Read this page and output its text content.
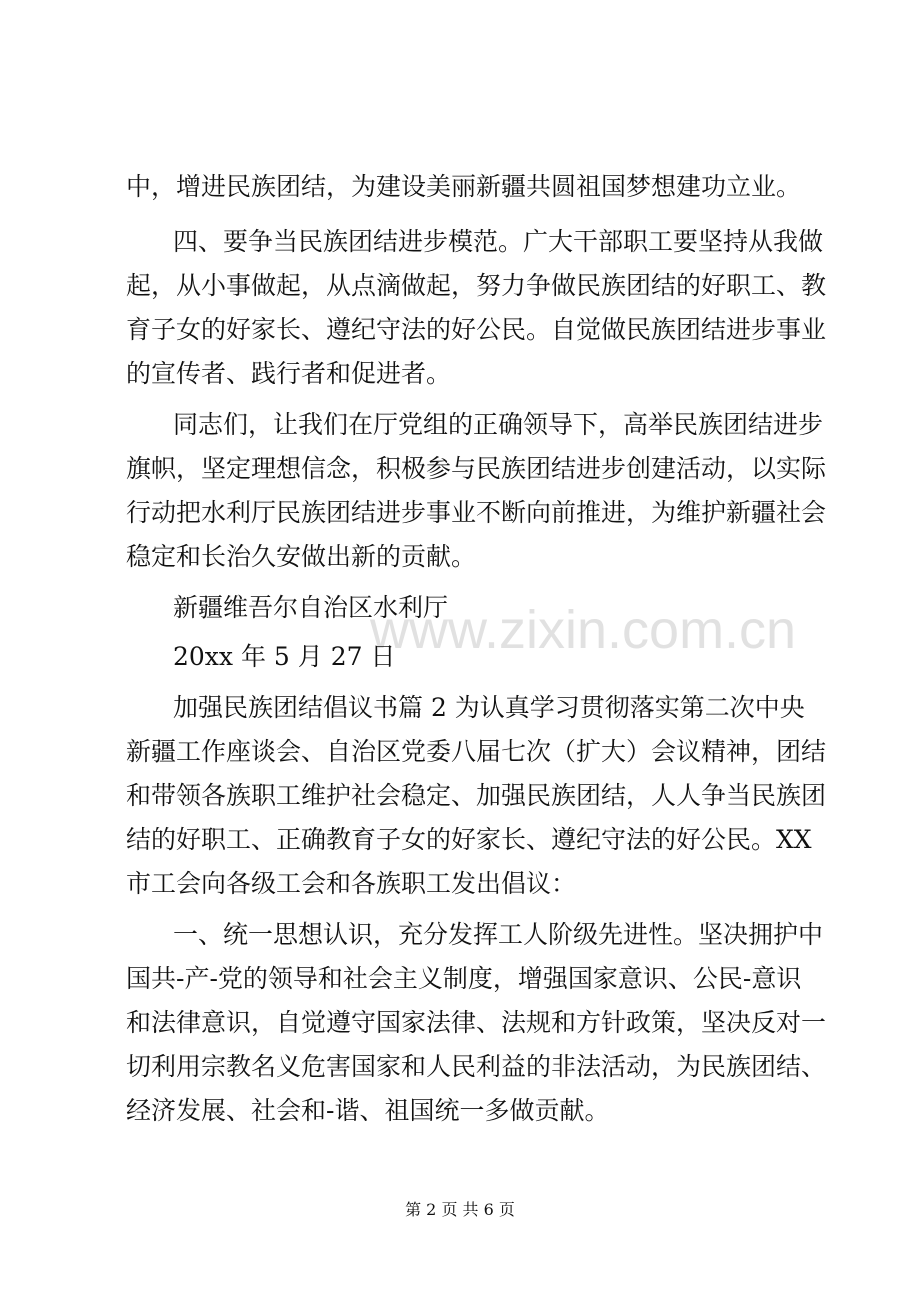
www.zixin.com.cn
中，增进民族团结，为建设美丽新疆共圆祖国梦想建功立业。
四、要争当民族团结进步模范。广大干部职工要坚持从我做
起，从小事做起，从点滴做起，努力争做民族团结的好职工、教
育子女的好家长、遵纪守法的好公民。自觉做民族团结进步事业
的宣传者、践行者和促进者。
同志们，让我们在厅党组的正确领导下，高举民族团结进步
旗帜，坚定理想信念，积极参与民族团结进步创建活动，以实际
行动把水利厅民族团结进步事业不断向前推进，为维护新疆社会
稳定和长治久安做出新的贡献。
新疆维吾尔自治区水利厅
20xx 年 5 月 27 日
加强民族团结倡议书篇 2 为认真学习贯彻落实第二次中央
新疆工作座谈会、自治区党委八届七次（扩大）会议精神，团结
和带领各族职工维护社会稳定、加强民族团结，人人争当民族团
结的好职工、正确教育子女的好家长、遵纪守法的好公民。XX
市工会向各级工会和各族职工发出倡议：
一、统一思想认识，充分发挥工人阶级先进性。坚决拥护中
国共-产-党的领导和社会主义制度，增强国家意识、公民-意识
和法律意识，自觉遵守国家法律、法规和方针政策，坚决反对一
切利用宗教名义危害国家和人民利益的非法活动，为民族团结、
经济发展、社会和-谐、祖国统一多做贡献。
第 2 页 共 6 页
